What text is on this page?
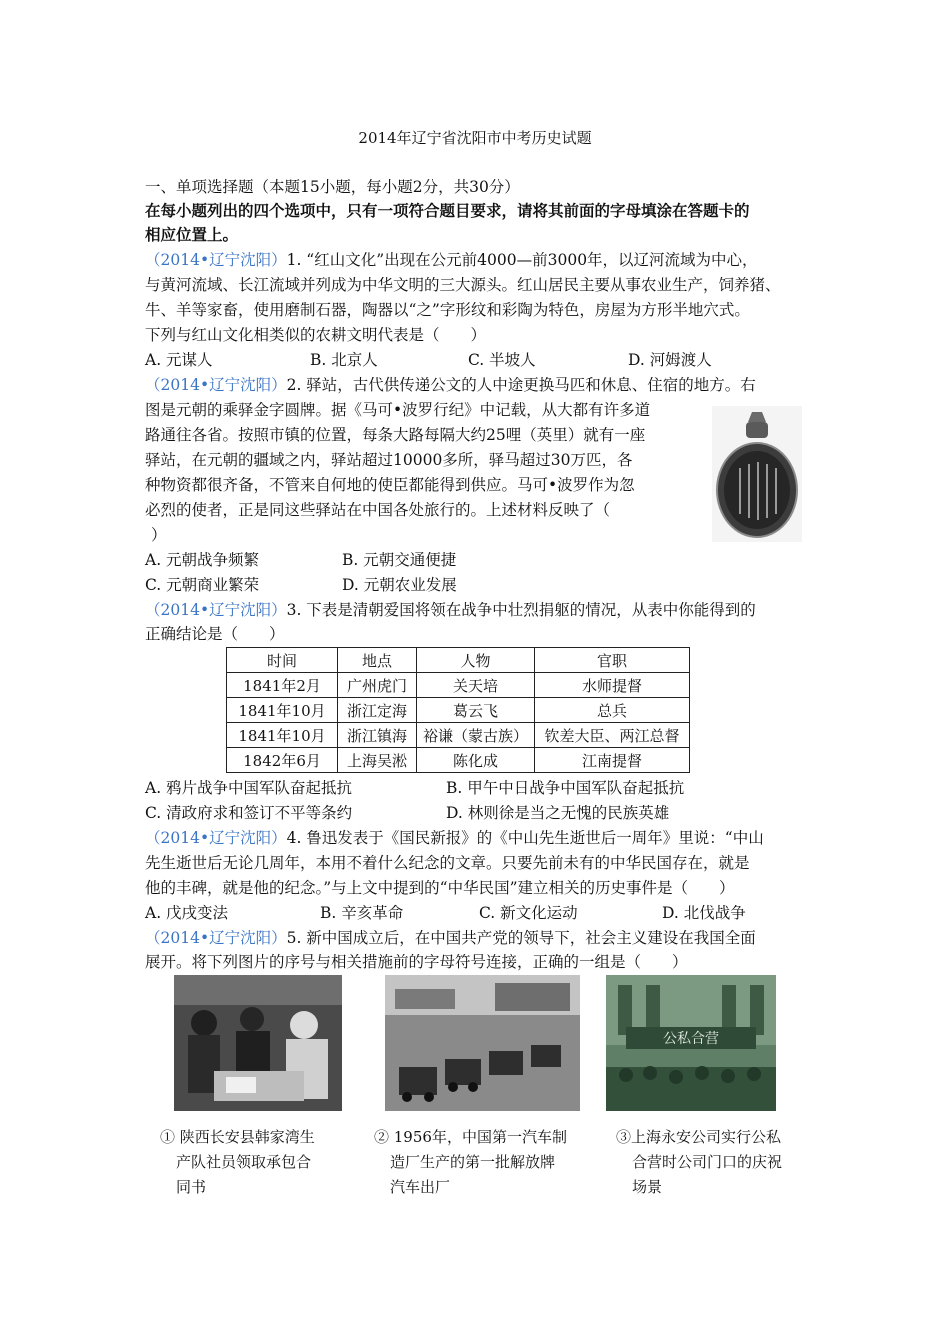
2014年辽宁省沈阳市中考历史试题
一、单项选择题（本题15小题，每小题2分，共30分）
在每小题列出的四个选项中，只有一项符合题目要求，请将其前面的字母填涂在答题卡的
相应位置上。
（2014•辽宁沈阳）1. “红山文化”出现在公元前4000—前3000年，以辽河流域为中心，
与黄河流域、长江流域并列成为中华文明的三大源头。红山居民主要从事农业生产，饲养猪、
牛、羊等家畜，使用磨制石器，陶器以“之”字形纹和彩陶为特色，房屋为方形半地穴式。
下列与红山文化相类似的农耕文明代表是（　　）
A. 元谋人	B. 北京人	C. 半坡人	D. 河姆渡人
（2014•辽宁沈阳）2. 驿站，古代供传递公文的人中途更换马匹和休息、住宿的地方。右
图是元朝的乘驿金字圆牌。据《马可•波罗行纪》中记载，从大都有许多道
路通往各省。按照市镇的位置，每条大路每隔大约25哩（英里）就有一座
驿站，在元朝的疆域之内，驿站超过10000多所，驿马超过30万匹，各
种物资都很齐备，不管来自何地的使臣都能得到供应。马可•波罗作为忽
必烈的使者，正是同这些驿站在中国各处旅行的。上述材料反映了（
）
A. 元朝战争频繁	B. 元朝交通便捷
C. 元朝商业繁荣	D. 元朝农业发展
（2014•辽宁沈阳）3. 下表是清朝爱国将领在战争中壮烈捐躯的情况，从表中你能得到的
正确结论是（　　）
时间	地点	人物	官职
1841年2月	广州虎门	关天培	水师提督
1841年10月	浙江定海	葛云飞	总兵
1841年10月	浙江镇海	裕谦（蒙古族）	钦差大臣、两江总督
1842年6月	上海吴淞	陈化成	江南提督
A. 鸦片战争中国军队奋起抵抗	B. 甲午中日战争中国军队奋起抵抗
C. 清政府求和签订不平等条约	D. 林则徐是当之无愧的民族英雄
（2014•辽宁沈阳）4. 鲁迅发表于《国民新报》的《中山先生逝世后一周年》里说：“中山
先生逝世后无论几周年，本用不着什么纪念的文章。只要先前未有的中华民国存在，就是
他的丰碑，就是他的纪念。”与上文中提到的“中华民国”建立相关的历史事件是（　　）
A. 戊戌变法	B. 辛亥革命	C. 新文化运动	D. 北伐战争
（2014•辽宁沈阳）5. 新中国成立后，在中国共产党的领导下，社会主义建设在我国全面
展开。将下列图片的序号与相关措施前的字母符号连接，正确的一组是（　　）
公私合营
① 陕西长安县韩家湾生
产队社员领取承包合
同书
② 1956年，中国第一汽车制
造厂生产的第一批解放牌
汽车出厂
③上海永安公司实行公私
合营时公司门口的庆祝
场景
